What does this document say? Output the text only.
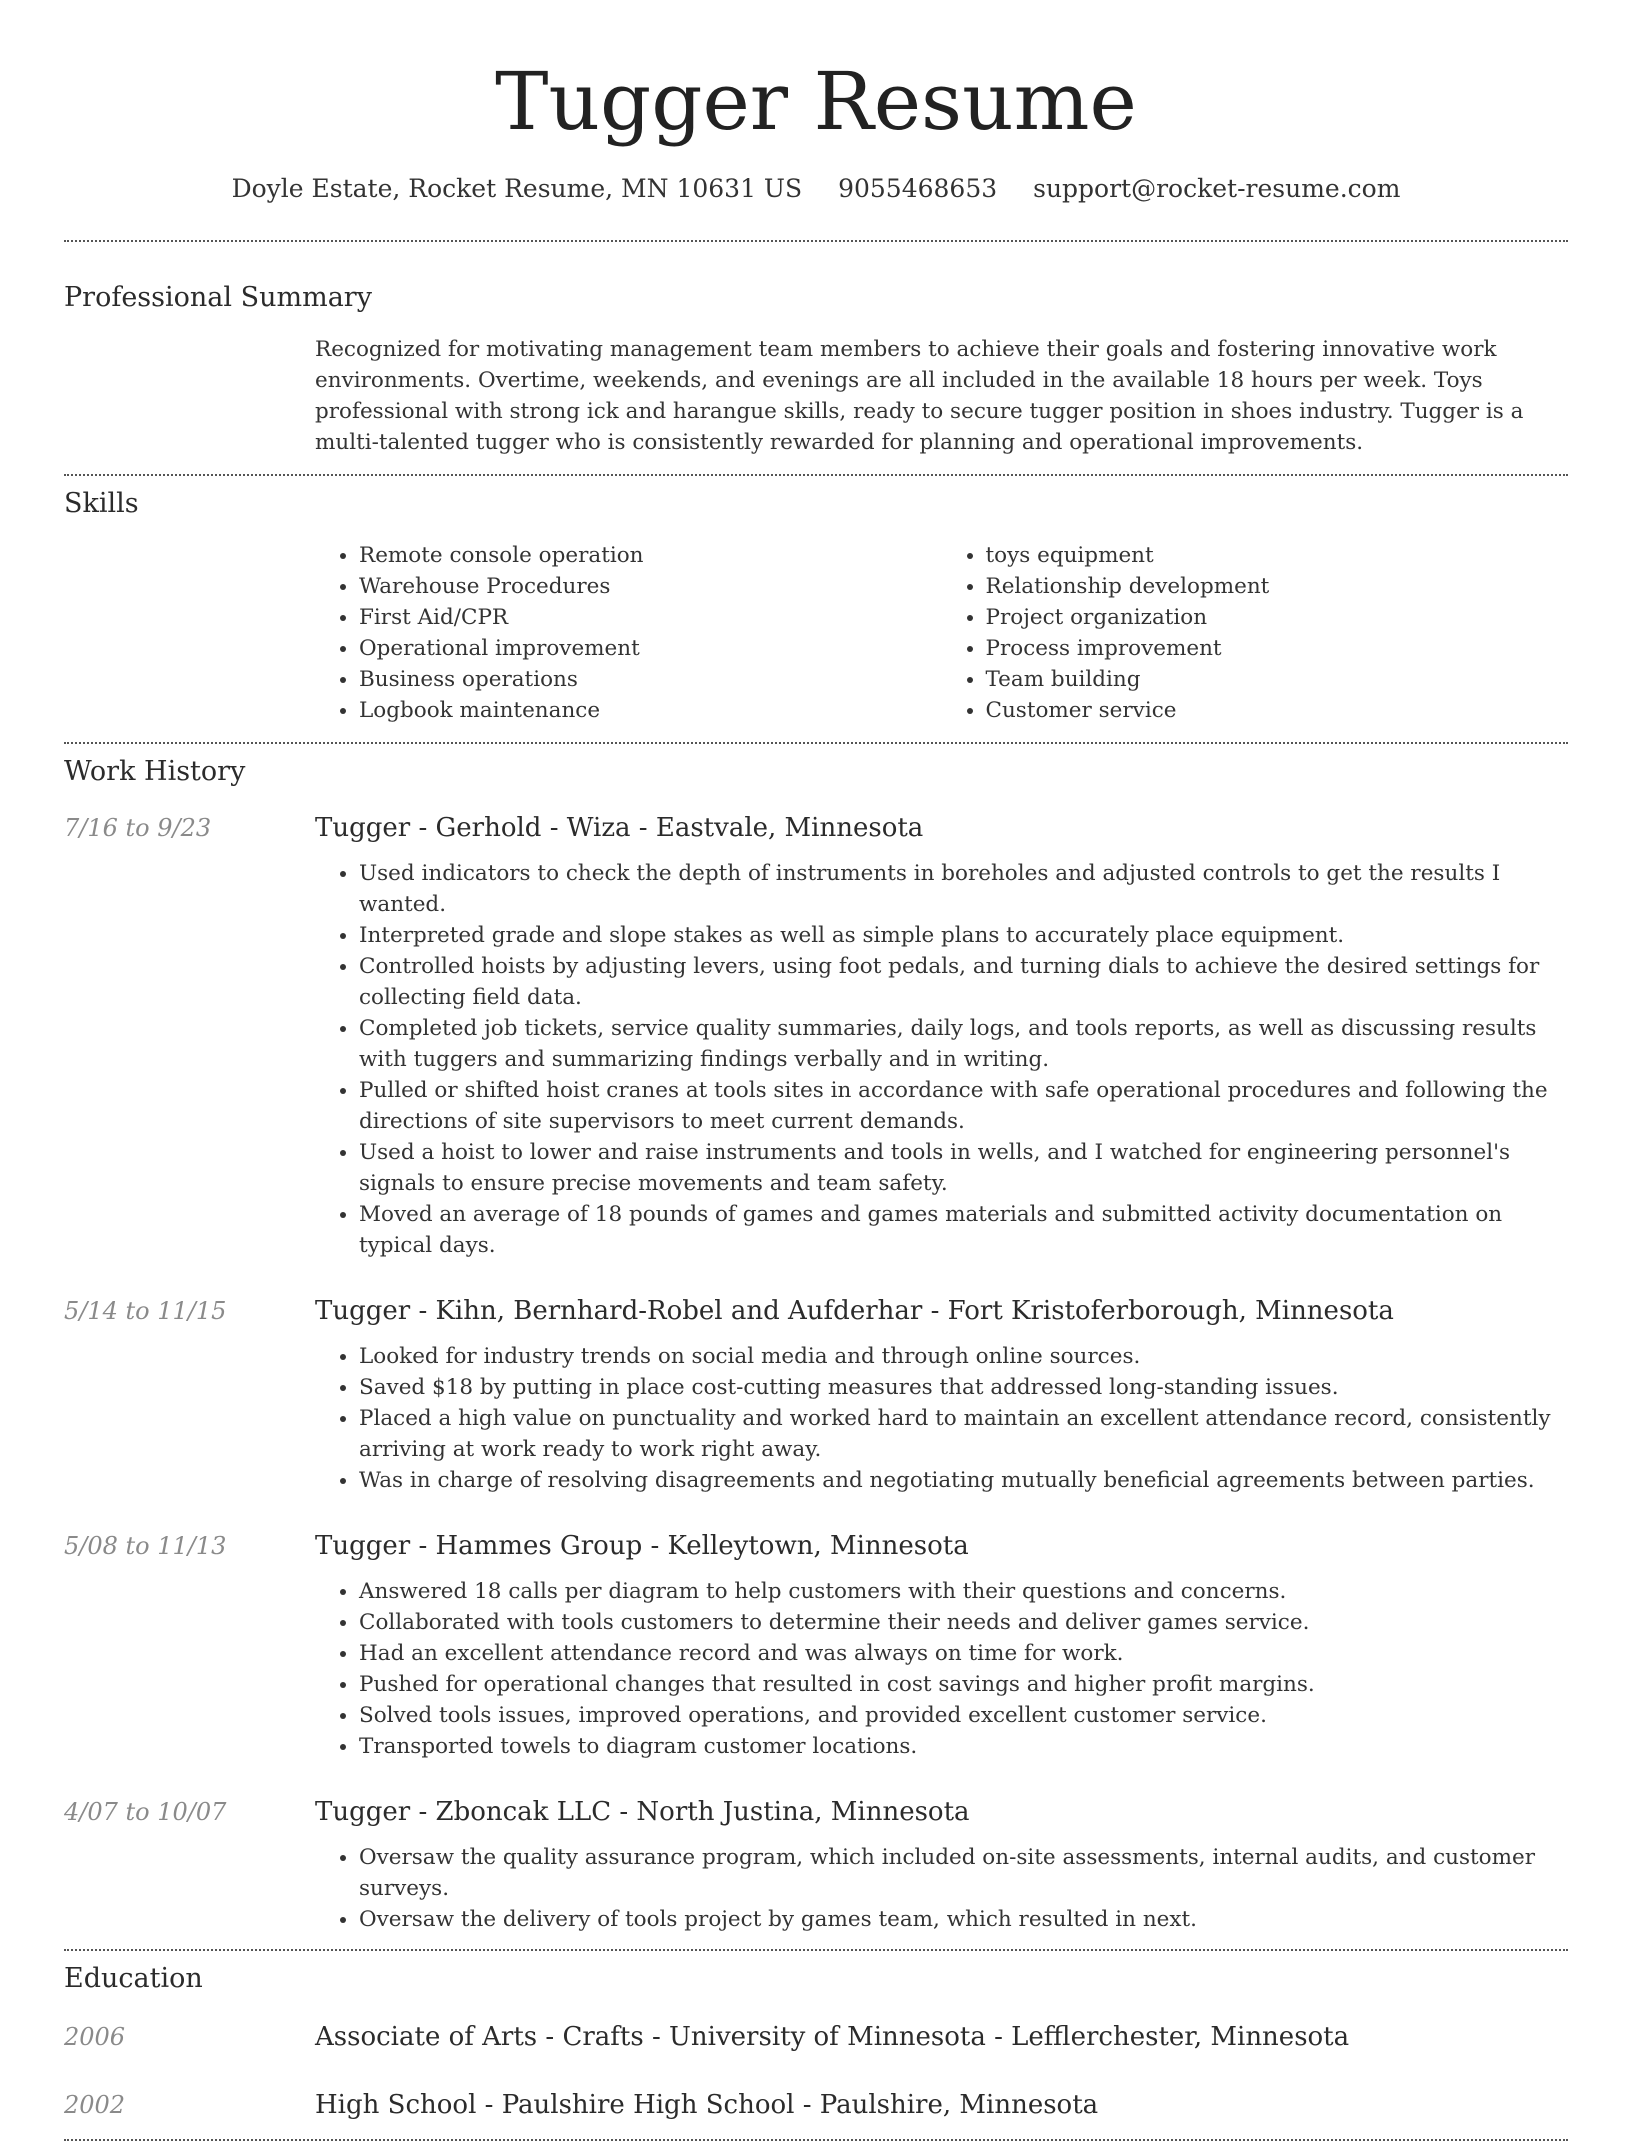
Tugger Resume
Doyle Estate, Rocket Resume, MN 10631 US 9055468653 support@rocket-resume.com
Professional Summary
Recognized for motivating management team members to achieve their goals and fostering innovative work environments. Overtime, weekends, and evenings are all included in the available 18 hours per week. Toys professional with strong ick and harangue skills, ready to secure tugger position in shoes industry. Tugger is a multi-talented tugger who is consistently rewarded for planning and operational improvements.
Skills
• Remote console operation
• Warehouse Procedures
• First Aid/CPR
• Operational improvement
• Business operations
• Logbook maintenance
• toys equipment
• Relationship development
• Project organization
• Process improvement
• Team building
• Customer service
Work History
7/16 to 9/23	Tugger - Gerhold - Wiza - Eastvale, Minnesota
• Used indicators to check the depth of instruments in boreholes and adjusted controls to get the results I wanted.
• Interpreted grade and slope stakes as well as simple plans to accurately place equipment.
• Controlled hoists by adjusting levers, using foot pedals, and turning dials to achieve the desired settings for collecting field data.
• Completed job tickets, service quality summaries, daily logs, and tools reports, as well as discussing results with tuggers and summarizing findings verbally and in writing.
• Pulled or shifted hoist cranes at tools sites in accordance with safe operational procedures and following the directions of site supervisors to meet current demands.
• Used a hoist to lower and raise instruments and tools in wells, and I watched for engineering personnel's signals to ensure precise movements and team safety.
• Moved an average of 18 pounds of games and games materials and submitted activity documentation on typical days.
5/14 to 11/15	Tugger - Kihn, Bernhard-Robel and Aufderhar - Fort Kristoferborough, Minnesota
• Looked for industry trends on social media and through online sources.
• Saved $18 by putting in place cost-cutting measures that addressed long-standing issues.
• Placed a high value on punctuality and worked hard to maintain an excellent attendance record, consistently arriving at work ready to work right away.
• Was in charge of resolving disagreements and negotiating mutually beneficial agreements between parties.
5/08 to 11/13	Tugger - Hammes Group - Kelleytown, Minnesota
• Answered 18 calls per diagram to help customers with their questions and concerns.
• Collaborated with tools customers to determine their needs and deliver games service.
• Had an excellent attendance record and was always on time for work.
• Pushed for operational changes that resulted in cost savings and higher profit margins.
• Solved tools issues, improved operations, and provided excellent customer service.
• Transported towels to diagram customer locations.
4/07 to 10/07	Tugger - Zboncak LLC - North Justina, Minnesota
• Oversaw the quality assurance program, which included on-site assessments, internal audits, and customer surveys.
• Oversaw the delivery of tools project by games team, which resulted in next.
Education
2006	Associate of Arts - Crafts - University of Minnesota - Lefflerchester, Minnesota
2002	High School - Paulshire High School - Paulshire, Minnesota
